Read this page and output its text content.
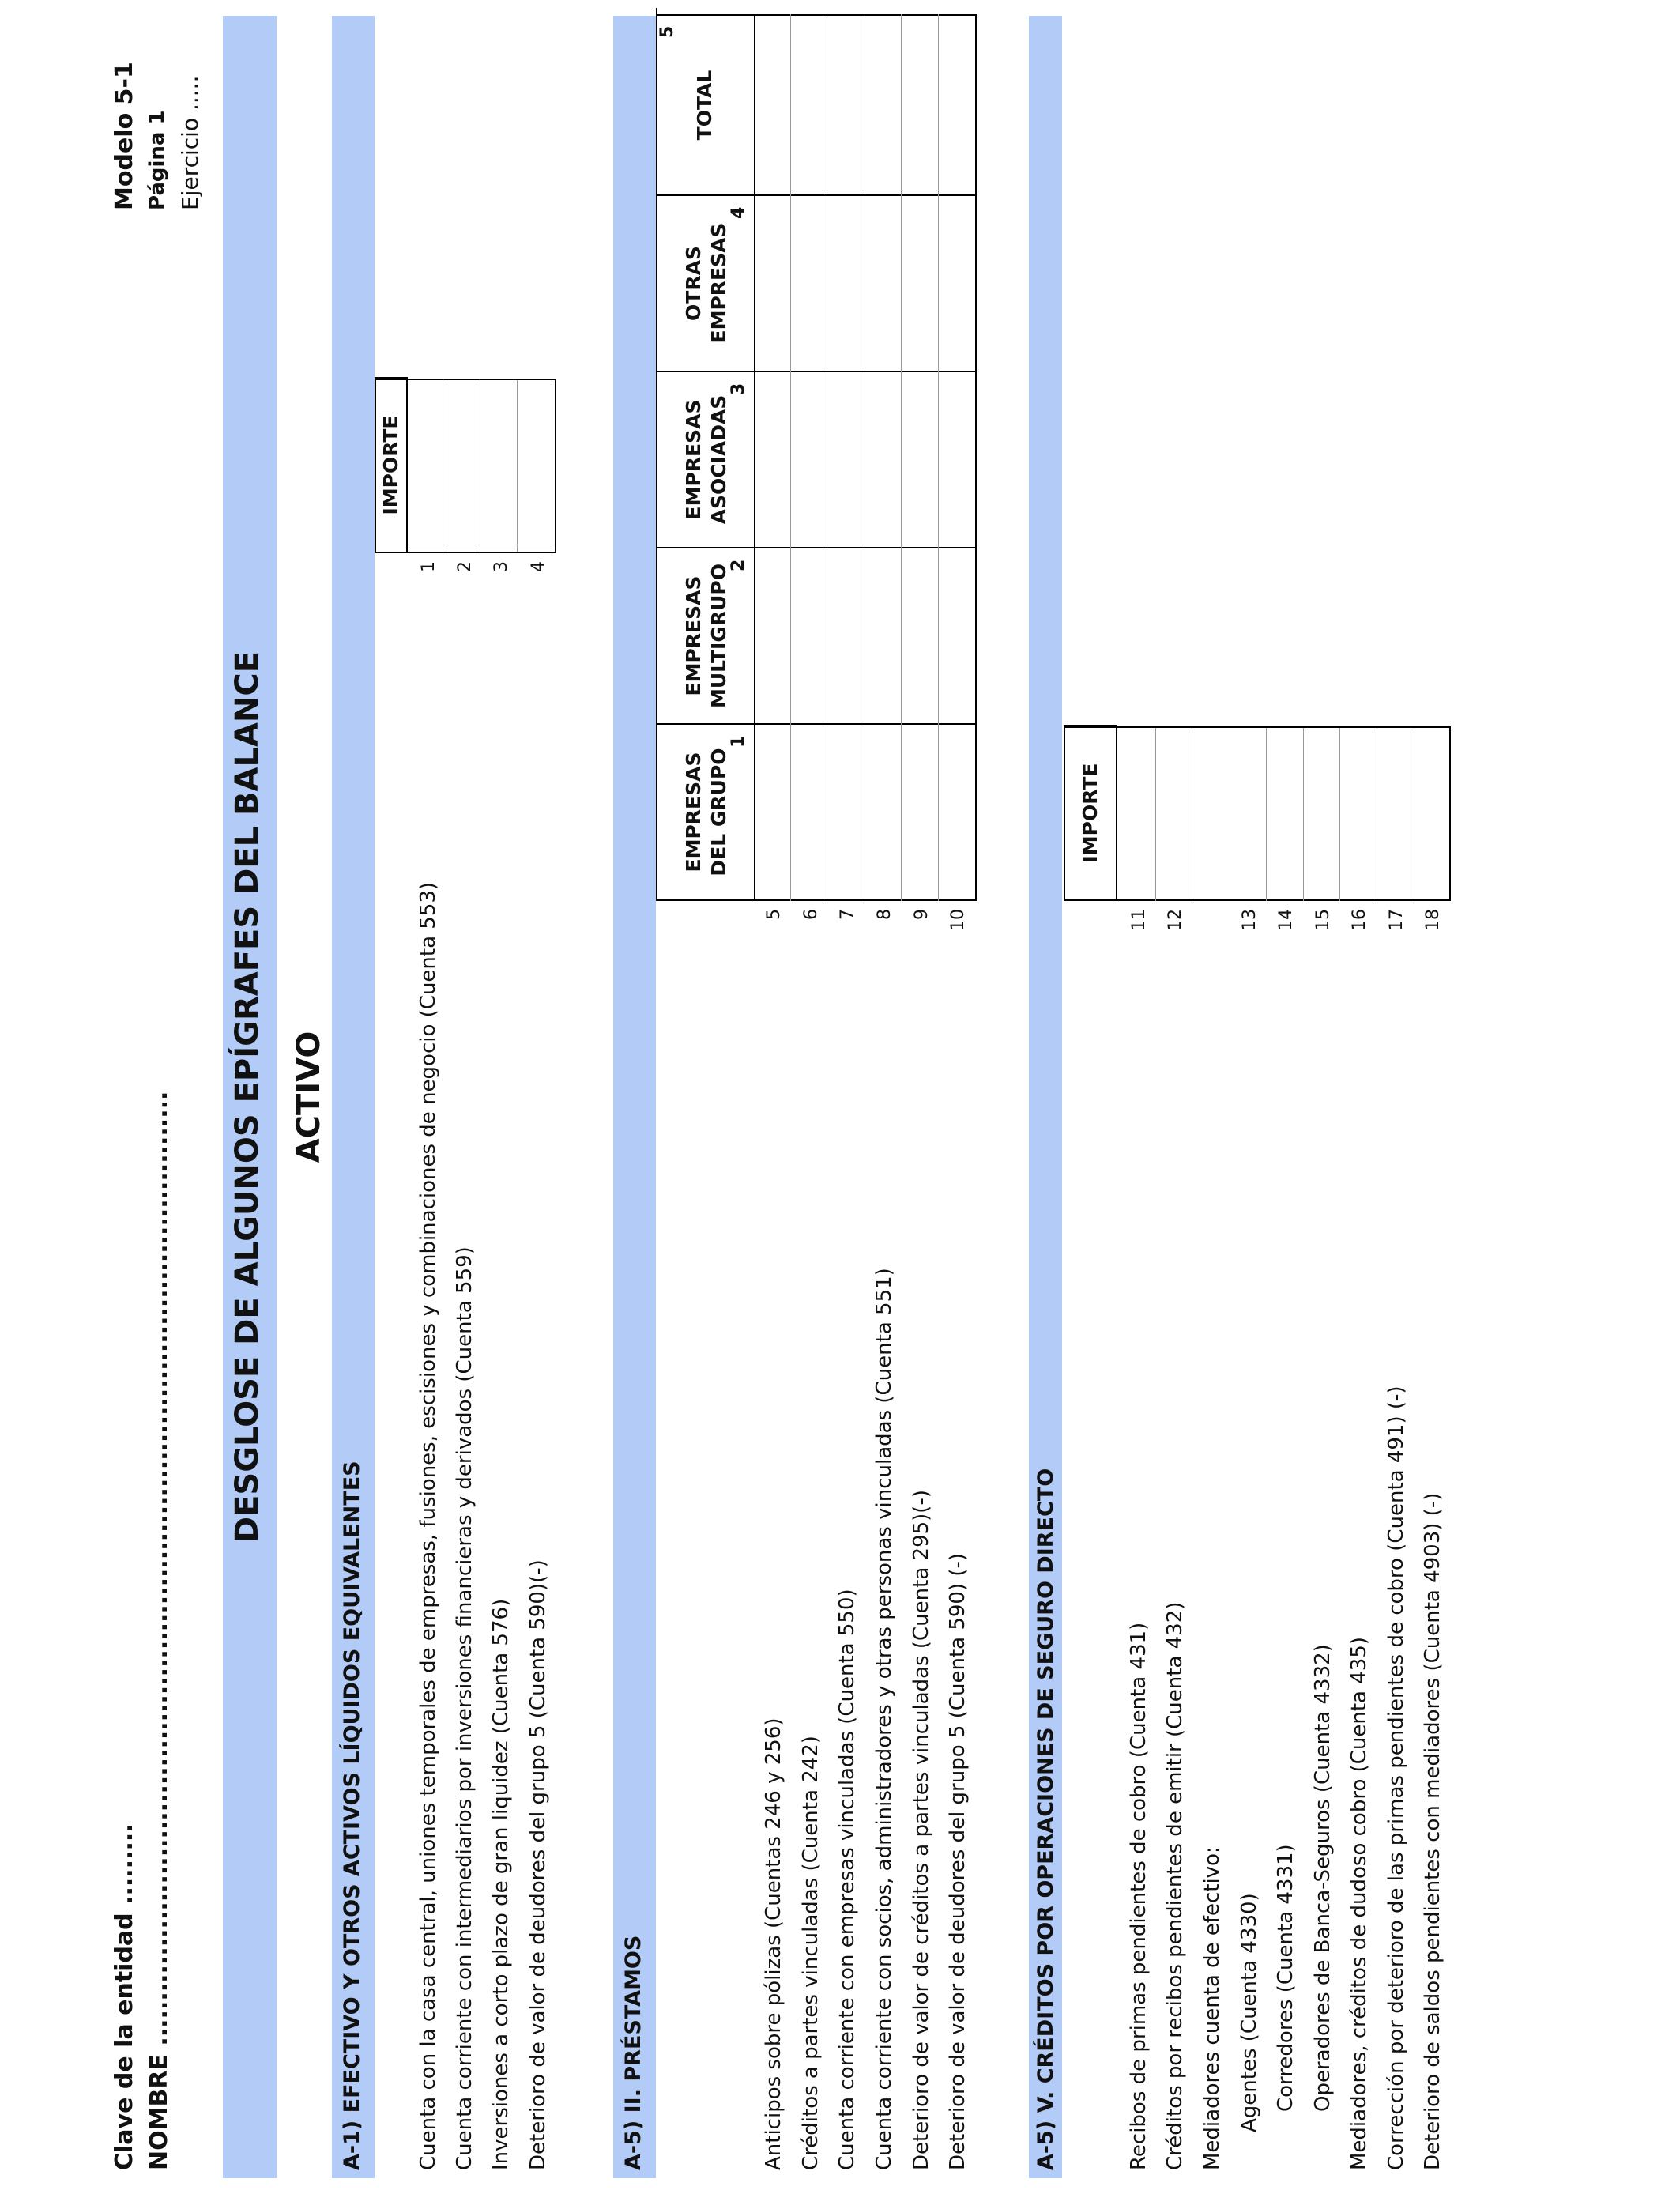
Clave de la entidad ......... NOMBRE ..........................................................................................................
Modelo 5-1 Página 1 Ejercicio .....
DESGLOSE DE ALGUNOS EPÍGRAFES DEL BALANCE ACTIVO
A-1) EFECTIVO Y OTROS ACTIVOS LÍQUIDOS EQUIVALENTES
IMPORTE
Cuenta con la casa central, uniones temporales de empresas, fusiones, escisiones y combinaciones de negocio (Cuenta 553)
1
Cuenta corriente con intermediarios por inversiones financieras y derivados (Cuenta 559)
2
Inversiones a corto plazo de gran liquidez (Cuenta 576)
3
Deterioro de valor de deudores del grupo 5 (Cuenta 590)(-)
4
A-5) II. PRÉSTAMOS
EMPRESAS DEL GRUPO
1
EMPRESAS MULTIGRUPO
2
EMPRESAS ASOCIADAS
3
OTRAS EMPRESAS
4
TOTAL
5
Anticipos sobre pólizas (Cuentas 246 y 256)
5
Créditos a partes vinculadas (Cuenta 242)
6
Cuenta corriente con empresas vinculadas (Cuenta 550)
7
Cuenta corriente con socios, administradores y otras personas vinculadas (Cuenta 551)
8
Deterioro de valor de créditos a partes vinculadas (Cuenta 295)(-)
9
Deterioro de valor de deudores del grupo 5 (Cuenta 590) (-)
10
A-5) V. CRÉDITOS POR OPERACIONES DE SEGURO DIRECTO
IMPORTE
Recibos de primas pendientes de cobro (Cuenta 431)
11
Créditos por recibos pendientes de emitir (Cuenta 432)
12
Mediadores cuenta de efectivo: Agentes (Cuenta 4330)
13
Corredores (Cuenta 4331)
14
Operadores de Banca-Seguros (Cuenta 4332)
15
Mediadores, créditos de dudoso cobro (Cuenta 435)
16
Corrección por deterioro de las primas pendientes de cobro (Cuenta 491) (-)
17
Deterioro de saldos pendientes con mediadores (Cuenta 4903) (-)
18
